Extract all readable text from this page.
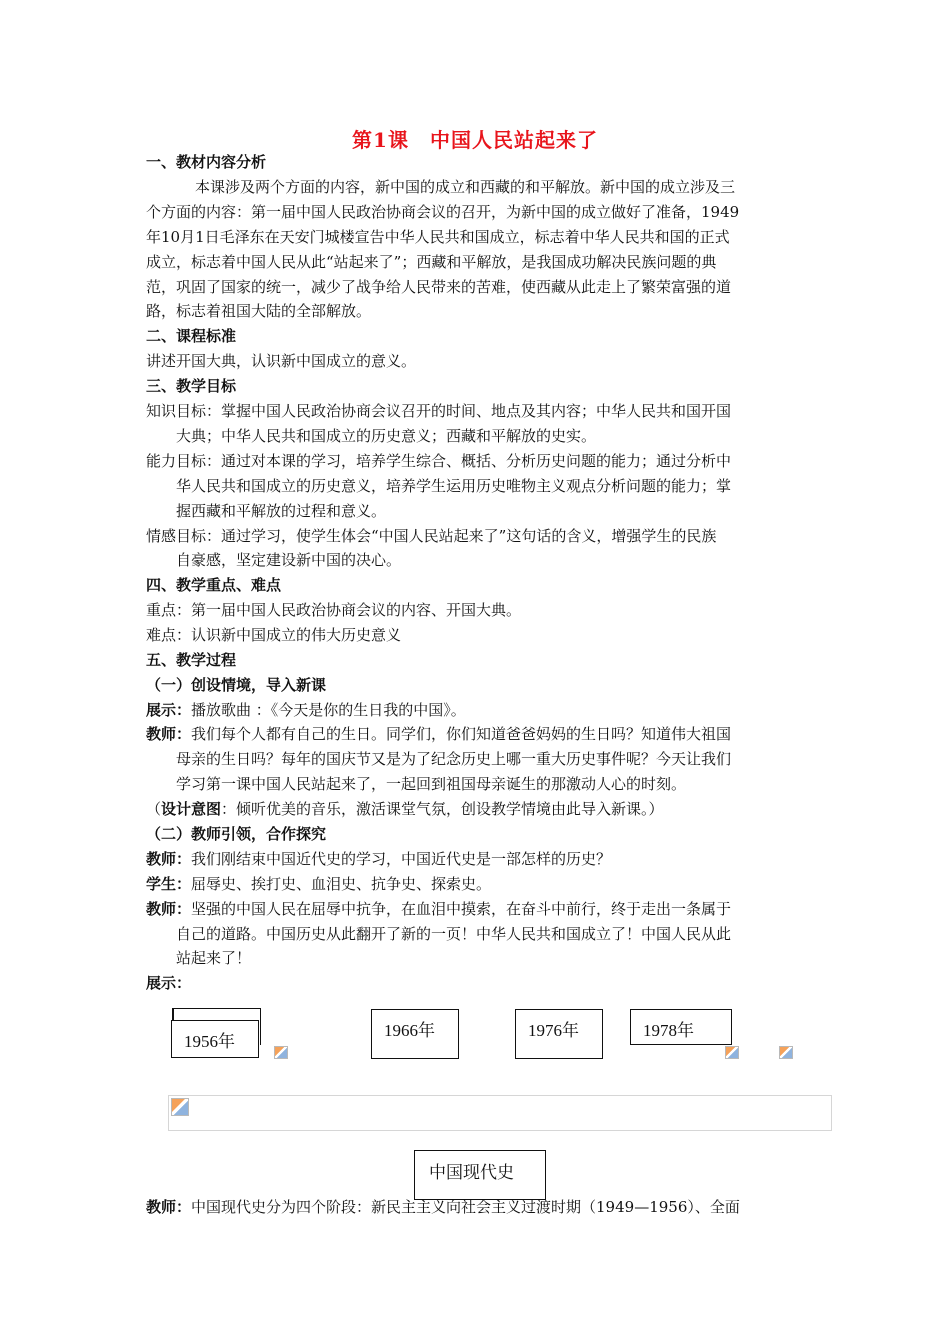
第1课　中国人民站起来了
一、教材内容分析
本课涉及两个方面的内容，新中国的成立和西藏的和平解放。新中国的成立涉及三
个方面的内容：第一届中国人民政治协商会议的召开，为新中国的成立做好了准备，1949
年10月1日毛泽东在天安门城楼宣告中华人民共和国成立，标志着中华人民共和国的正式
成立，标志着中国人民从此“站起来了”；西藏和平解放，是我国成功解决民族问题的典
范，巩固了国家的统一，减少了战争给人民带来的苦难，使西藏从此走上了繁荣富强的道
路，标志着祖国大陆的全部解放。
二、课程标准
讲述开国大典，认识新中国成立的意义。
三、教学目标
知识目标：掌握中国人民政治协商会议召开的时间、地点及其内容；中华人民共和国开国
大典；中华人民共和国成立的历史意义；西藏和平解放的史实。
能力目标：通过对本课的学习，培养学生综合、概括、分析历史问题的能力；通过分析中
华人民共和国成立的历史意义，培养学生运用历史唯物主义观点分析问题的能力；掌
握西藏和平解放的过程和意义。
情感目标：通过学习，使学生体会“中国人民站起来了”这句话的含义，增强学生的民族
自豪感，坚定建设新中国的决心。
四、教学重点、难点
重点：第一届中国人民政治协商会议的内容、开国大典。
难点：认识新中国成立的伟大历史意义
五、教学过程
（一）创设情境，导入新课
展示：播放歌曲 ：《今天是你的生日我的中国》。
教师：我们每个人都有自己的生日。同学们，你们知道爸爸妈妈的生日吗？知道伟大祖国
母亲的生日吗？每年的国庆节又是为了纪念历史上哪一重大历史事件呢？今天让我们
学习第一课中国人民站起来了，一起回到祖国母亲诞生的那激动人心的时刻。
（设计意图：倾听优美的音乐，激活课堂气氛，创设教学情境由此导入新课。）
（二）教师引领，合作探究
教师：我们刚结束中国近代史的学习，中国近代史是一部怎样的历史？
学生：屈辱史、挨打史、血泪史、抗争史、探索史。
教师：坚强的中国人民在屈辱中抗争，在血泪中摸索，在奋斗中前行，终于走出一条属于
自己的道路。中国历史从此翻开了新的一页！中华人民共和国成立了！中国人民从此
站起来了！
展示：
1956年
1966年	1976年	1978年
中国现代史
教师：中国现代史分为四个阶段：新民主主义向社会主义过渡时期（1949—1956）、全面
